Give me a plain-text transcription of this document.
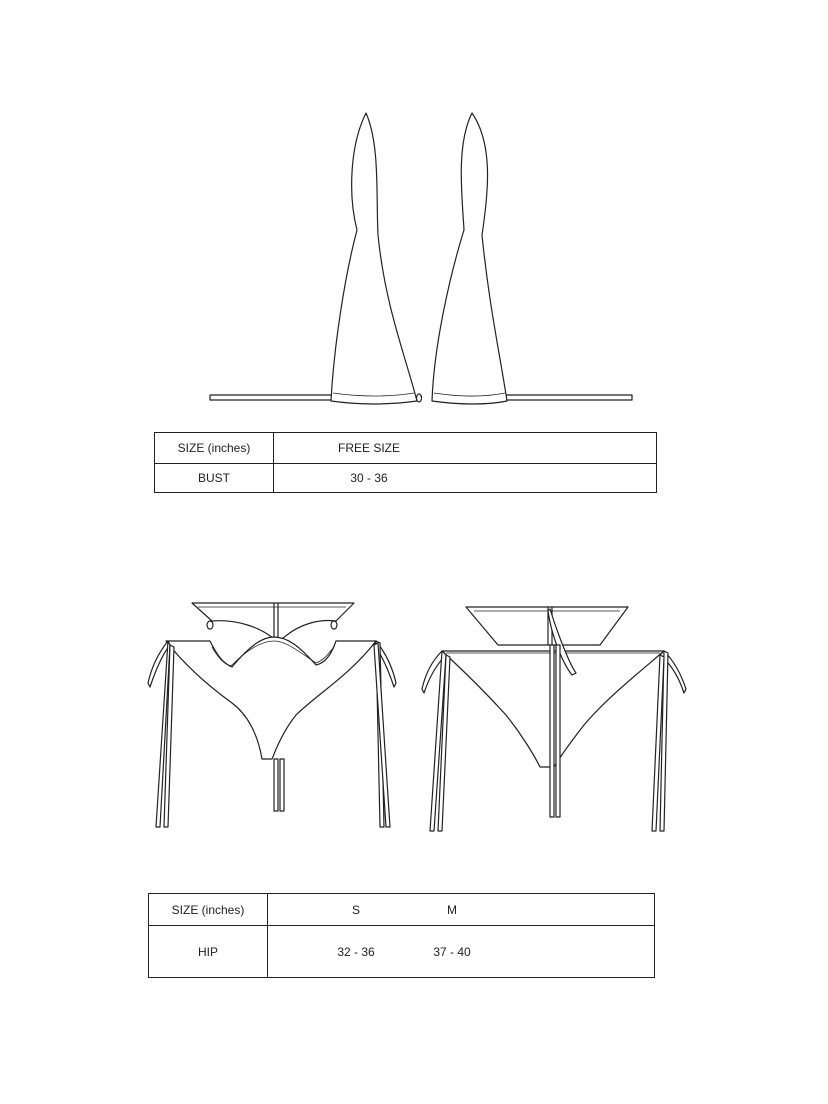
SIZE (inches)	FREE SIZE

BUST	30 - 36
SIZE (inches)	S M

HIP	32 - 36 37 - 40
